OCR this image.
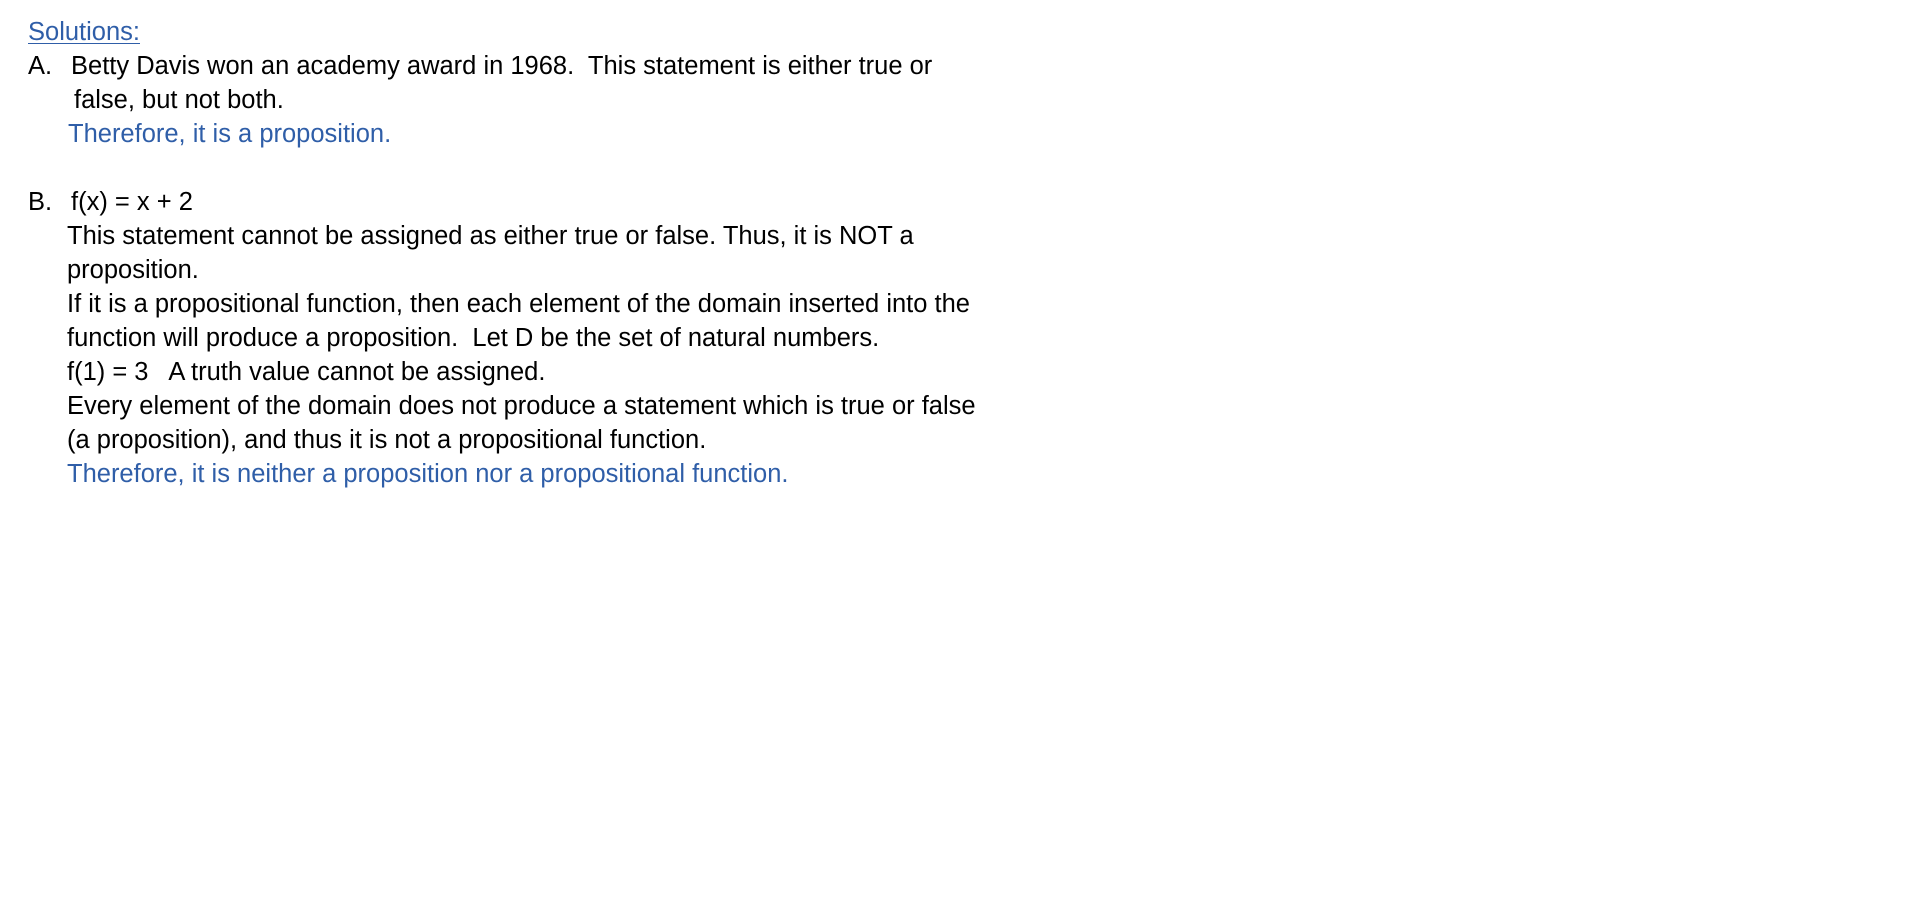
Solutions:
A. Betty Davis won an academy award in 1968.  This statement is either true or
false, but not both.
Therefore, it is a proposition.
B. f(x) = x + 2
This statement cannot be assigned as either true or false. Thus, it is NOT a
proposition.
If it is a propositional function, then each element of the domain inserted into the
function will produce a proposition.  Let D be the set of natural numbers.
f(1) = 3   A truth value cannot be assigned.
Every element of the domain does not produce a statement which is true or false
(a proposition), and thus it is not a propositional function.
Therefore, it is neither a proposition nor a propositional function.
